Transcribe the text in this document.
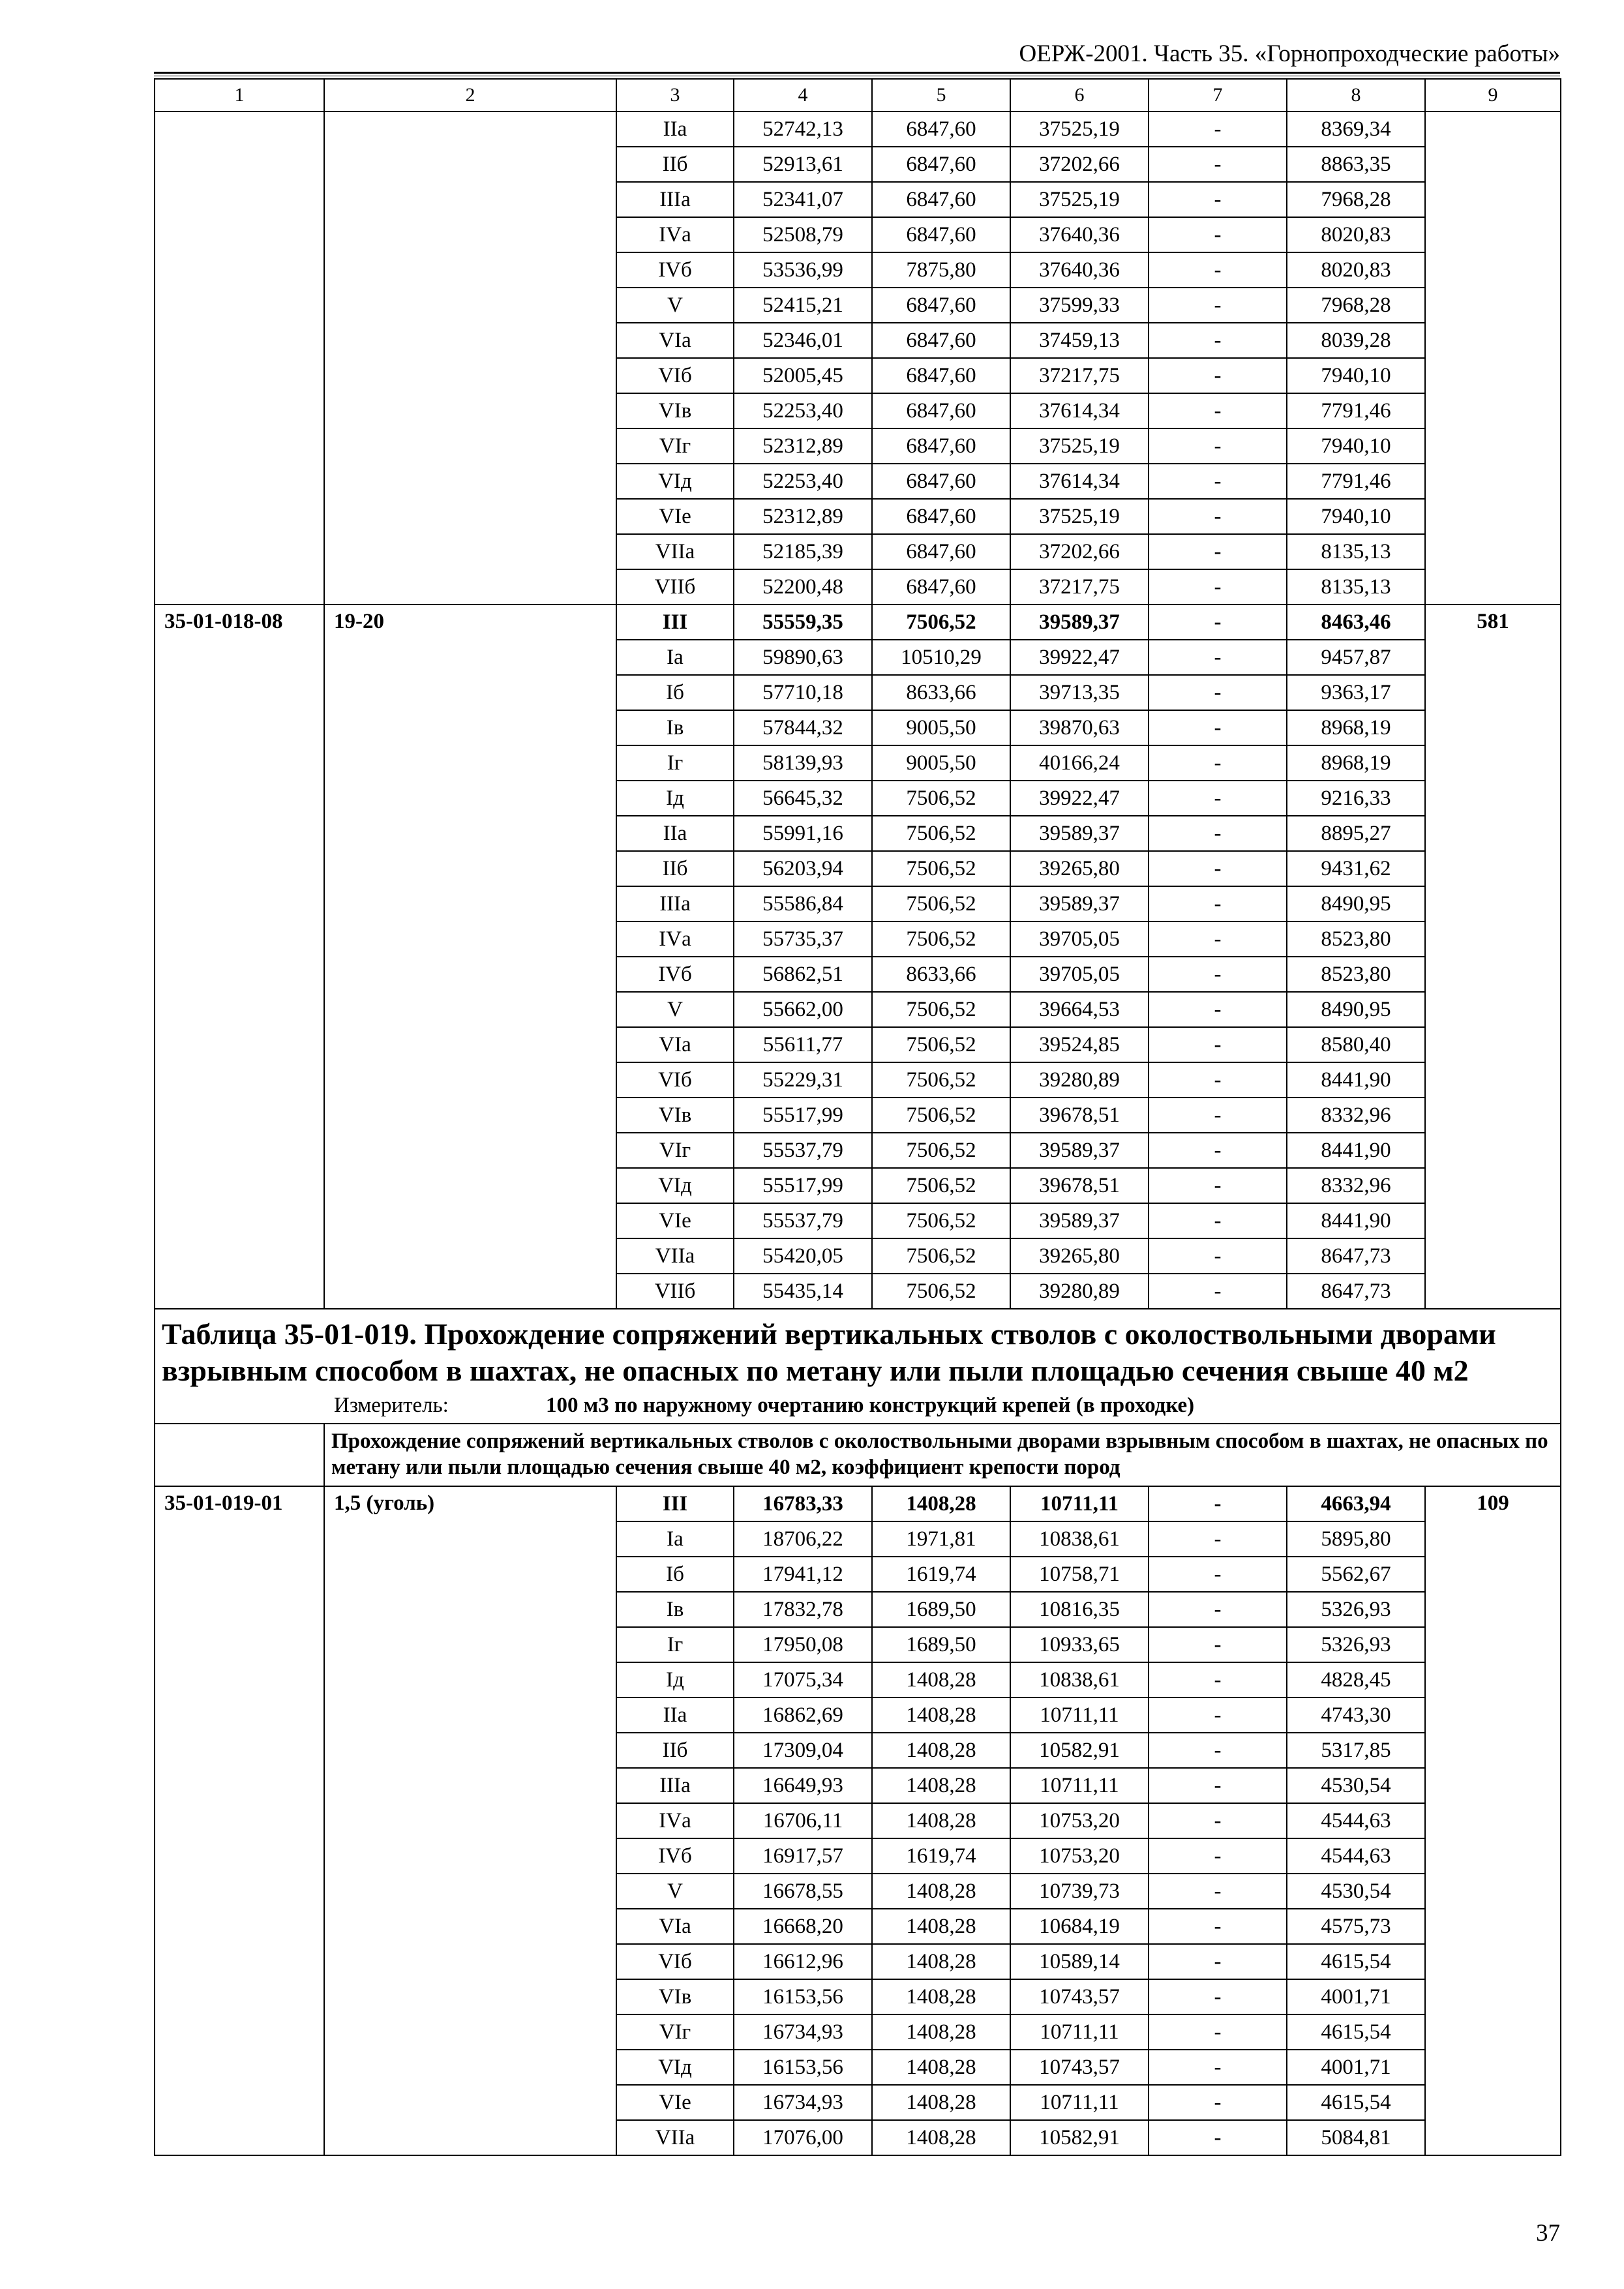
ОЕРЖ-2001. Часть 35. «Горнопроходческие работы»
1	2	3	4	5	6	7	8	9
		IIа	52742,13	6847,60	37525,19	-	8369,34	
		IIб	52913,61	6847,60	37202,66	-	8863,35	
		IIIа	52341,07	6847,60	37525,19	-	7968,28	
		IVа	52508,79	6847,60	37640,36	-	8020,83	
		IVб	53536,99	7875,80	37640,36	-	8020,83	
		V	52415,21	6847,60	37599,33	-	7968,28	
		VIа	52346,01	6847,60	37459,13	-	8039,28	
		VIб	52005,45	6847,60	37217,75	-	7940,10	
		VIв	52253,40	6847,60	37614,34	-	7791,46	
		VIг	52312,89	6847,60	37525,19	-	7940,10	
		VIд	52253,40	6847,60	37614,34	-	7791,46	
		VIе	52312,89	6847,60	37525,19	-	7940,10	
		VIIа	52185,39	6847,60	37202,66	-	8135,13	
		VIIб	52200,48	6847,60	37217,75	-	8135,13	
35-01-018-08	19-20	III	55559,35	7506,52	39589,37	-	8463,46	581
		Iа	59890,63	10510,29	39922,47	-	9457,87	
		Iб	57710,18	8633,66	39713,35	-	9363,17	
		Iв	57844,32	9005,50	39870,63	-	8968,19	
		Iг	58139,93	9005,50	40166,24	-	8968,19	
		Iд	56645,32	7506,52	39922,47	-	9216,33	
		IIа	55991,16	7506,52	39589,37	-	8895,27	
		IIб	56203,94	7506,52	39265,80	-	9431,62	
		IIIа	55586,84	7506,52	39589,37	-	8490,95	
		IVа	55735,37	7506,52	39705,05	-	8523,80	
		IVб	56862,51	8633,66	39705,05	-	8523,80	
		V	55662,00	7506,52	39664,53	-	8490,95	
		VIа	55611,77	7506,52	39524,85	-	8580,40	
		VIб	55229,31	7506,52	39280,89	-	8441,90	
		VIв	55517,99	7506,52	39678,51	-	8332,96	
		VIг	55537,79	7506,52	39589,37	-	8441,90	
		VIд	55517,99	7506,52	39678,51	-	8332,96	
		VIе	55537,79	7506,52	39589,37	-	8441,90	
		VIIа	55420,05	7506,52	39265,80	-	8647,73	
		VIIб	55435,14	7506,52	39280,89	-	8647,73	

Таблица 35-01-019. Прохождение сопряжений вертикальных стволов с околоствольными дворами взрывным способом в шахтах, не опасных по метану или пыли площадью сечения свыше 40 м2
Измеритель: 100 м3 по наружному очертанию конструкций крепей (в проходке)								

	Прохождение сопряжений вертикальных стволов с околоствольными дворами взрывным способом в шахтах, не опасных по метану или пыли площадью сечения свыше 40 м2, коэффициент крепости пород							
35-01-019-01	1,5 (уголь)	III	16783,33	1408,28	10711,11	-	4663,94	109
		Iа	18706,22	1971,81	10838,61	-	5895,80	
		Iб	17941,12	1619,74	10758,71	-	5562,67	
		Iв	17832,78	1689,50	10816,35	-	5326,93	
		Iг	17950,08	1689,50	10933,65	-	5326,93	
		Iд	17075,34	1408,28	10838,61	-	4828,45	
		IIа	16862,69	1408,28	10711,11	-	4743,30	
		IIб	17309,04	1408,28	10582,91	-	5317,85	
		IIIа	16649,93	1408,28	10711,11	-	4530,54	
		IVа	16706,11	1408,28	10753,20	-	4544,63	
		IVб	16917,57	1619,74	10753,20	-	4544,63	
		V	16678,55	1408,28	10739,73	-	4530,54	
		VIа	16668,20	1408,28	10684,19	-	4575,73	
		VIб	16612,96	1408,28	10589,14	-	4615,54	
		VIв	16153,56	1408,28	10743,57	-	4001,71	
		VIг	16734,93	1408,28	10711,11	-	4615,54	
		VIд	16153,56	1408,28	10743,57	-	4001,71	
		VIе	16734,93	1408,28	10711,11	-	4615,54	
		VIIа	17076,00	1408,28	10582,91	-	5084,81	
37
